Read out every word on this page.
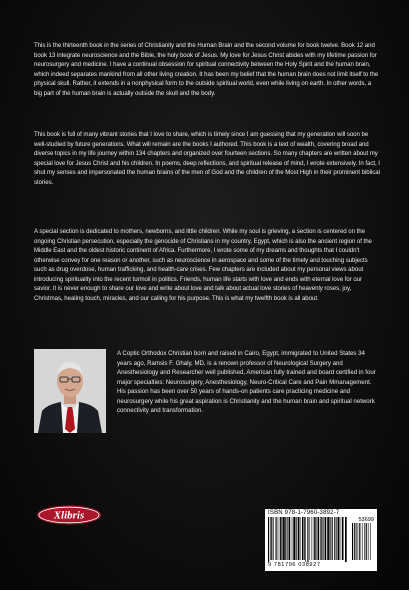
This is the thirteenth book in the series of Christianity and the Human Brain and the second volume for book twelve. Book 12 and book 13 integrate neuroscience and the Bible, the holy book of Jesus. My love for Jesus Christ abides with my lifetime passion for neurosurgery and medicine. I have a continual obsession for spiritual connectivity between the Holy Spirit and the human brain, which indeed separates mankind from all other living creation. It has been my belief that the human brain does not limit itself to the physical skull. Rather, it extends in a nonphysical form to the outside spiritual world, even while living on earth. In other words, a big part of the human brain is actually outside the skull and the body.

This book is full of many vibrant stories that I love to share, which is timely since I am guessing that my generation will soon be well-studied by future generations. What will remain are the books I authored. This book is a text of wealth, covering broad and diverse topics in my life journey within 134 chapters and organized over fourteen sections. So many chapters are written about my special love for Jesus Christ and his children. In poems, deep reflections, and spiritual release of mind, I wrote extensively. In fact, I shut my senses and impersonated the human brains of the men of God and the children of the Most High in their prominent biblical stories.

A special section is dedicated to mothers, newborns, and little children. While my soul is grieving, a section is centered on the ongoing Christian persecution, especially the genocide of Christians in my country, Egypt, which is also the ancient region of the Middle East and the oldest historic continent of Africa. Furthermore, I wrote some of my dreams and thoughts that I couldn't otherwise convey for one reason or another, such as neuroscience in aerospace and some of the timely and touching subjects such as drug overdose, human trafficking, and health-care crises. Few chapters are included about my personal views about introducing spirituality into the recent turmoil in politics. Friends, human life starts with love and ends with eternal love for our savior. It is never enough to share our love and write about love and talk about actual love stories of heavenly roses, joy, Christmas, healing touch, miracles, and our calling for his purpose. This is what my twelfth book is all about.

A Coptic Orthodox Christian born and raised in Cairo, Egypt, immigrated to United States 34 years ago, Ramsis F. Ghaly, MD, is a renown professor of Neurological Surgery and Anesthesiology and Researcher well published, American fully trained and board certified in four major specialties: Neurosurgery, Anesthesiology, Neuro-Critical Care and Pain Mmanagement. His passion has been over 50 years of hands-on patients care practicing medicine and neurosurgery while his great aspiration is Christianity and the human brain and spiritual network connectivity and transformation.

Xlibris	ISBN 978-1-7960-3892-7
53699
9 781796 038927
